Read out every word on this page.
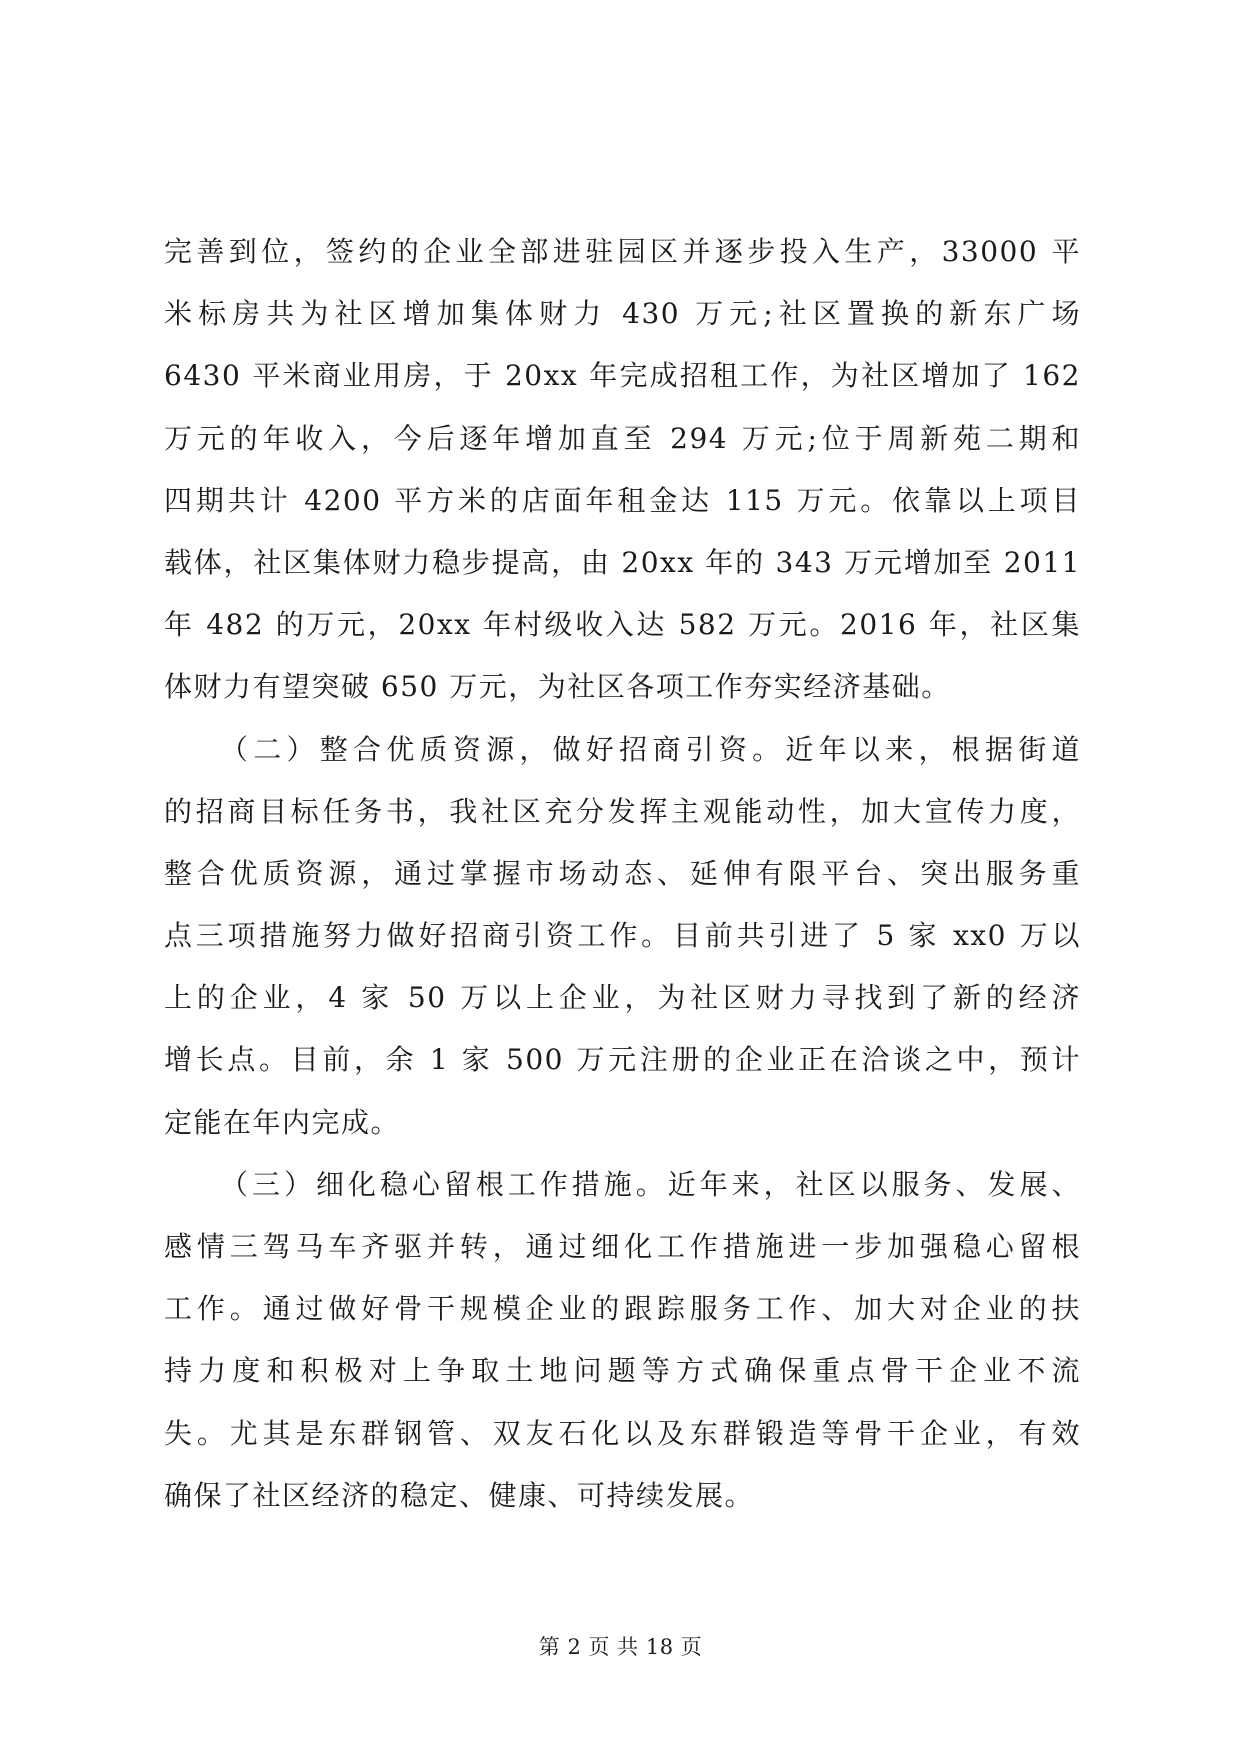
完善到位，签约的企业全部进驻园区并逐步投入生产，33000 平
米标房共为社区增加集体财力 430 万元;社区置换的新东广场
6430 平米商业用房，于 20xx 年完成招租工作，为社区增加了 162
万元的年收入，今后逐年增加直至 294 万元;位于周新苑二期和
四期共计 4200 平方米的店面年租金达 115 万元。依靠以上项目
载体，社区集体财力稳步提高，由 20xx 年的 343 万元增加至 2011
年 482 的万元，20xx 年村级收入达 582 万元。2016 年，社区集
体财力有望突破 650 万元，为社区各项工作夯实经济基础。
（二）整合优质资源，做好招商引资。近年以来，根据街道
的招商目标任务书，我社区充分发挥主观能动性，加大宣传力度，
整合优质资源，通过掌握市场动态、延伸有限平台、突出服务重
点三项措施努力做好招商引资工作。目前共引进了 5 家 xx0 万以
上的企业，4 家 50 万以上企业，为社区财力寻找到了新的经济
增长点。目前，余 1 家 500 万元注册的企业正在洽谈之中，预计
定能在年内完成。
（三）细化稳心留根工作措施。近年来，社区以服务、发展、
感情三驾马车齐驱并转，通过细化工作措施进一步加强稳心留根
工作。通过做好骨干规模企业的跟踪服务工作、加大对企业的扶
持力度和积极对上争取土地问题等方式确保重点骨干企业不流
失。尤其是东群钢管、双友石化以及东群锻造等骨干企业，有效
确保了社区经济的稳定、健康、可持续发展。
第 2 页 共 18 页
